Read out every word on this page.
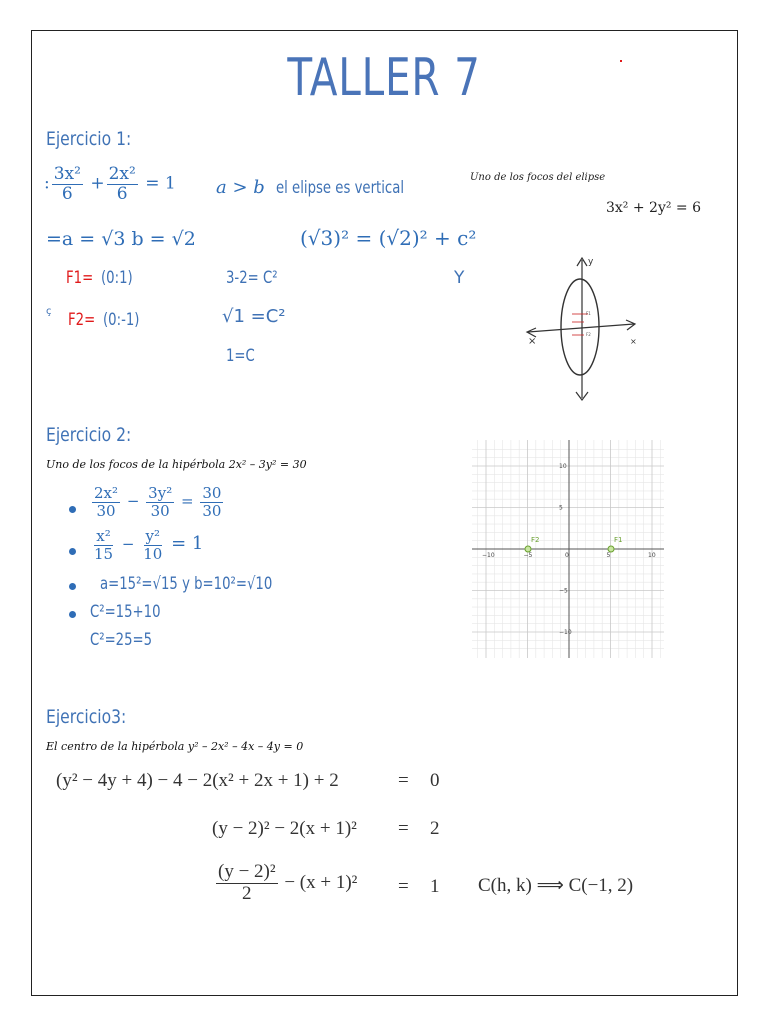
TALLER 7
Ejercicio 1:
: $\frac{\text{3x²}}{6} + \frac{\text{2x²}}{6} = 1$ a > b el elipse es vertical
Uno de los focos del elipse
3x² + 2y² = 6
=a = √3 b = √2	(√3)² = (√2)² + c²
F1= (0:1)	3-2= C²	Y
ç F2= (0:-1)	√1 =C²
1=C
F1
F2
y
×	×
Ejercicio 2:
Uno de los focos de la hipérbola 2x² – 3y² = 30
$\frac{\text{2x²}}{30} - \frac{\text{3y²}}{30} = \frac{30}{30}$
$\frac{\text{x²}}{15} - \frac{\text{y²}}{10} = 1$
a=15²=√15 y b=10²=√10
C²=15+10
C²=25=5
−10	−5	0	5	10
10
5
−5
−10
F2	F1
Ejercicio3:
El centro de la hipérbola y² – 2x² – 4x – 4y = 0
(y² − 4y + 4) − 4 − 2(x² + 2x + 1) + 2	= 0
(y − 2)² − 2(x + 1)² = 2
$\frac{\text{(y − 2)²}}{2} - (x + 1)^2 = 1$ C(h, k) ⟹ C(−1, 2)
